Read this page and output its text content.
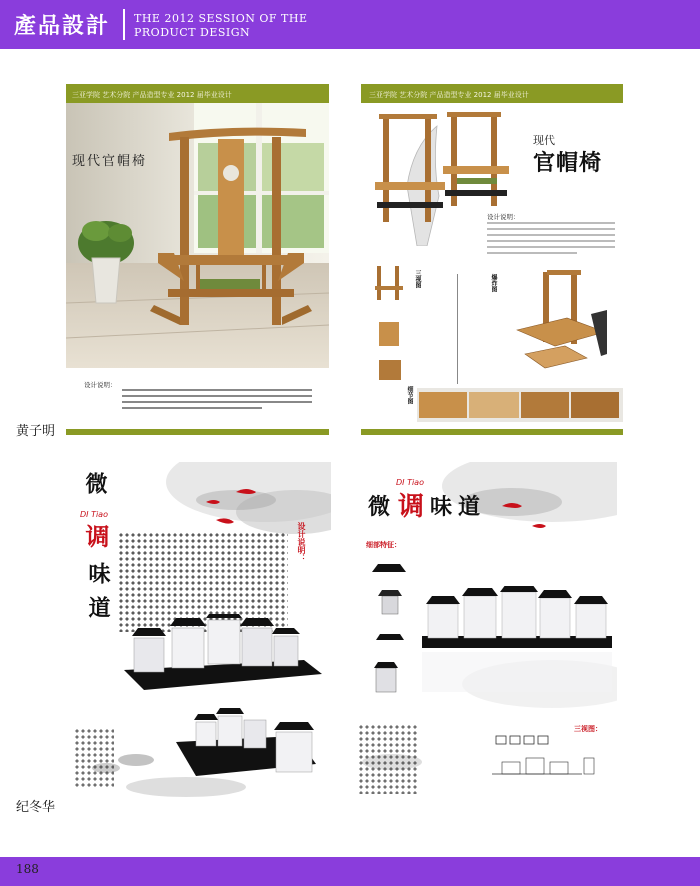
產品設計 THE 2012 SESSION OF THE
PRODUCT DESIGN
三亚学院 艺术分院 产品造型专业 2012 届毕业设计
现代官帽椅
设计说明：
黄子明
三亚学院 艺术分院 产品造型专业 2012 届毕业设计
现代
官帽椅
设计说明：
三视图	爆炸图
细节图
微
DI Tiao
调
味
道
设计说明：
纪冬华
DI Tiao
微 调 味 道
细部特征：
三视图：
188
